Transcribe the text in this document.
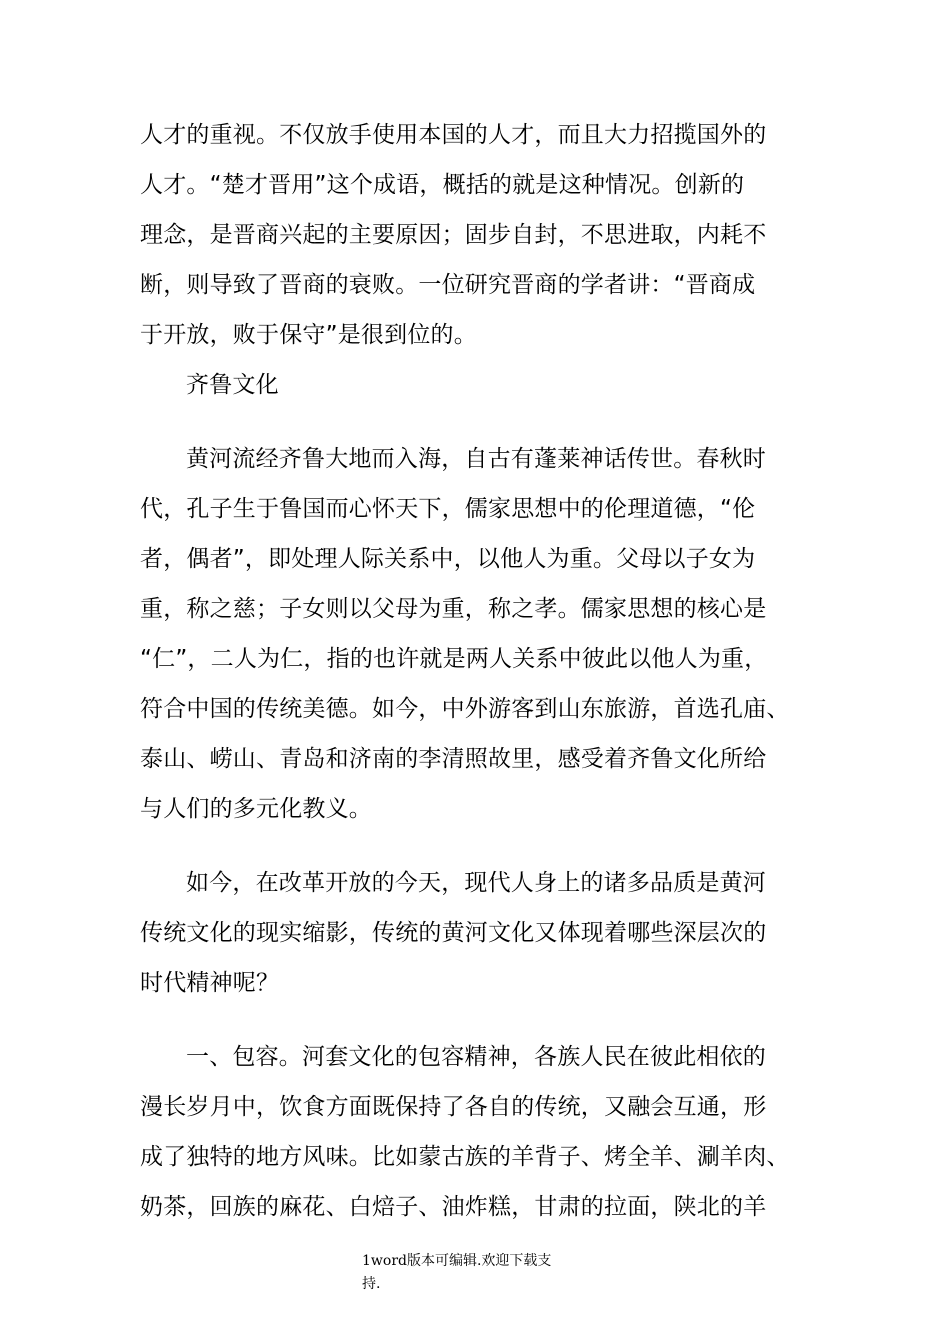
人才的重视。不仅放手使用本国的人才，而且大力招揽国外的
人才。“楚才晋用”这个成语，概括的就是这种情况。创新的
理念，是晋商兴起的主要原因；固步自封，不思进取，内耗不
断，则导致了晋商的衰败。一位研究晋商的学者讲：“晋商成
于开放，败于保守”是很到位的。
齐鲁文化
黄河流经齐鲁大地而入海，自古有蓬莱神话传世。春秋时
代，孔子生于鲁国而心怀天下，儒家思想中的伦理道德，“伦
者，偶者”，即处理人际关系中，以他人为重。父母以子女为
重，称之慈；子女则以父母为重，称之孝。儒家思想的核心是
“仁”，二人为仁，指的也许就是两人关系中彼此以他人为重，
符合中国的传统美德。如今，中外游客到山东旅游，首选孔庙、
泰山、崂山、青岛和济南的李清照故里，感受着齐鲁文化所给
与人们的多元化教义。
如今，在改革开放的今天，现代人身上的诸多品质是黄河
传统文化的现实缩影，传统的黄河文化又体现着哪些深层次的
时代精神呢？
一、包容。河套文化的包容精神，各族人民在彼此相依的
漫长岁月中，饮食方面既保持了各自的传统，又融会互通，形
成了独特的地方风味。比如蒙古族的羊背子、烤全羊、涮羊肉、
奶茶，回族的麻花、白焙子、油炸糕，甘肃的拉面，陕北的羊
1word版本可编辑.欢迎下载支
持.
